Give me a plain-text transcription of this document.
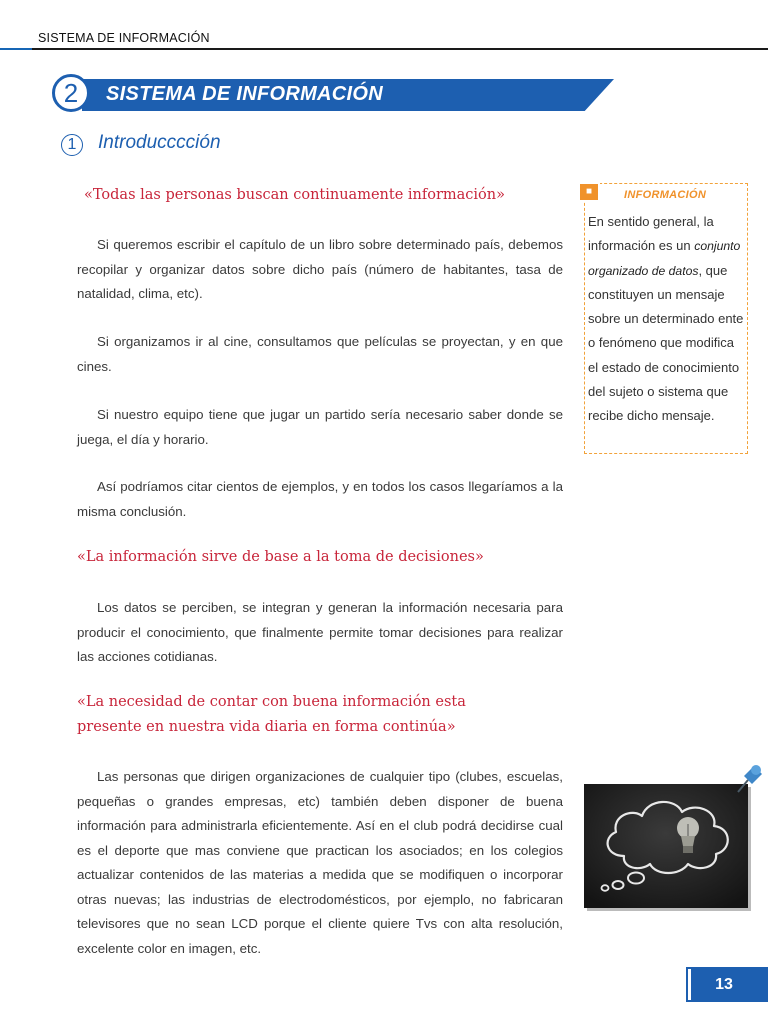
SISTEMA DE INFORMACIÓN
SISTEMA DE INFORMACIÓN
2
1	Introducccción
«Todas las personas buscan continuamente información»
Si queremos escribir el capítulo de un libro sobre determinado país, debemos recopilar y organizar datos sobre dicho país (número de habitantes, tasa de natalidad, clima, etc).
Si organizamos ir al cine, consultamos que películas se proyectan, y en que cines.
Si nuestro equipo tiene que jugar un partido sería necesario saber donde se juega, el día y horario.
Así podríamos citar cientos de ejemplos, y en todos los casos llegaríamos a la misma conclusión.
«La información sirve de base a la toma de decisiones»
Los datos se perciben, se integran y generan la información necesaria para producir el conocimiento, que finalmente permite tomar decisiones para realizar las acciones cotidianas.
«La necesidad de contar con buena información esta
presente en nuestra vida diaria en forma continúa»
Las personas que dirigen organizaciones de cualquier tipo (clubes, escuelas, pequeñas o grandes empresas, etc) también deben disponer de buena información para administrarla eficientemente. Así en el club podrá decidirse cual es el deporte que mas conviene que practican los asociados; en los colegios actualizar contenidos de las materias a medida que se modifiquen o incorporar otras nuevas; las industrias de electrodomésticos, por ejemplo, no fabricaran televisores que no sean LCD porque el cliente quiere Tvs con alta resolución, excelente color en imagen, etc.
■	INFORMACIÓN
En sentido general, la información es un conjunto organizado de datos, que constituyen un mensaje sobre un determinado ente o fenómeno que modifica el estado de conocimiento del sujeto o sistema que recibe dicho mensaje.
13
